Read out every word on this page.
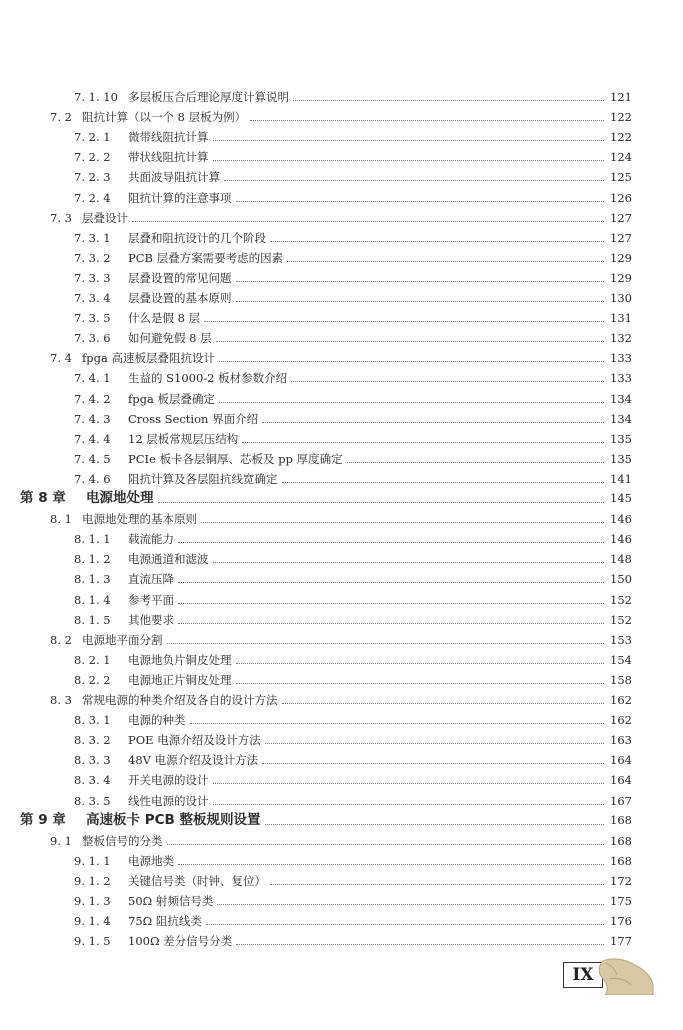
7. 1. 10 多层板压合后理论厚度计算说明	121
7. 2 阻抗计算（以一个 8 层板为例）	122
7. 2. 1	微带线阻抗计算	122
7. 2. 2	带状线阻抗计算	124
7. 2. 3	共面波导阻抗计算	125
7. 2. 4	阻抗计算的注意事项	126
7. 3 层叠设计	127
7. 3. 1	层叠和阻抗设计的几个阶段	127
7. 3. 2	PCB 层叠方案需要考虑的因素	129
7. 3. 3	层叠设置的常见问题	129
7. 3. 4	层叠设置的基本原则	130
7. 3. 5	什么是假 8 层	131
7. 3. 6	如何避免假 8 层	132
7. 4 fpga 高速板层叠阻抗设计	133
7. 4. 1	生益的 S1000-2 板材参数介绍	133
7. 4. 2	fpga 板层叠确定	134
7. 4. 3	Cross Section 界面介绍	134
7. 4. 4	12 层板常规层压结构	135
7. 4. 5	PCIe 板卡各层铜厚、芯板及 pp 厚度确定	135
7. 4. 6	阻抗计算及各层阻抗线宽确定	141
第 8 章	电源地处理	145
8. 1 电源地处理的基本原则	146
8. 1. 1	载流能力	146
8. 1. 2	电源通道和滤波	148
8. 1. 3	直流压降	150
8. 1. 4	参考平面	152
8. 1. 5	其他要求	152
8. 2 电源地平面分割	153
8. 2. 1	电源地负片铜皮处理	154
8. 2. 2	电源地正片铜皮处理	158
8. 3 常规电源的种类介绍及各自的设计方法	162
8. 3. 1	电源的种类	162
8. 3. 2	POE 电源介绍及设计方法	163
8. 3. 3	48V 电源介绍及设计方法	164
8. 3. 4	开关电源的设计	164
8. 3. 5	线性电源的设计	167
第 9 章	高速板卡 PCB 整板规则设置	168
9. 1 整板信号的分类	168
9. 1. 1	电源地类	168
9. 1. 2	关键信号类（时钟、复位）	172
9. 1. 3	50Ω 射频信号类	175
9. 1. 4	75Ω 阻抗线类	176
9. 1. 5	100Ω 差分信号分类	177
IX
